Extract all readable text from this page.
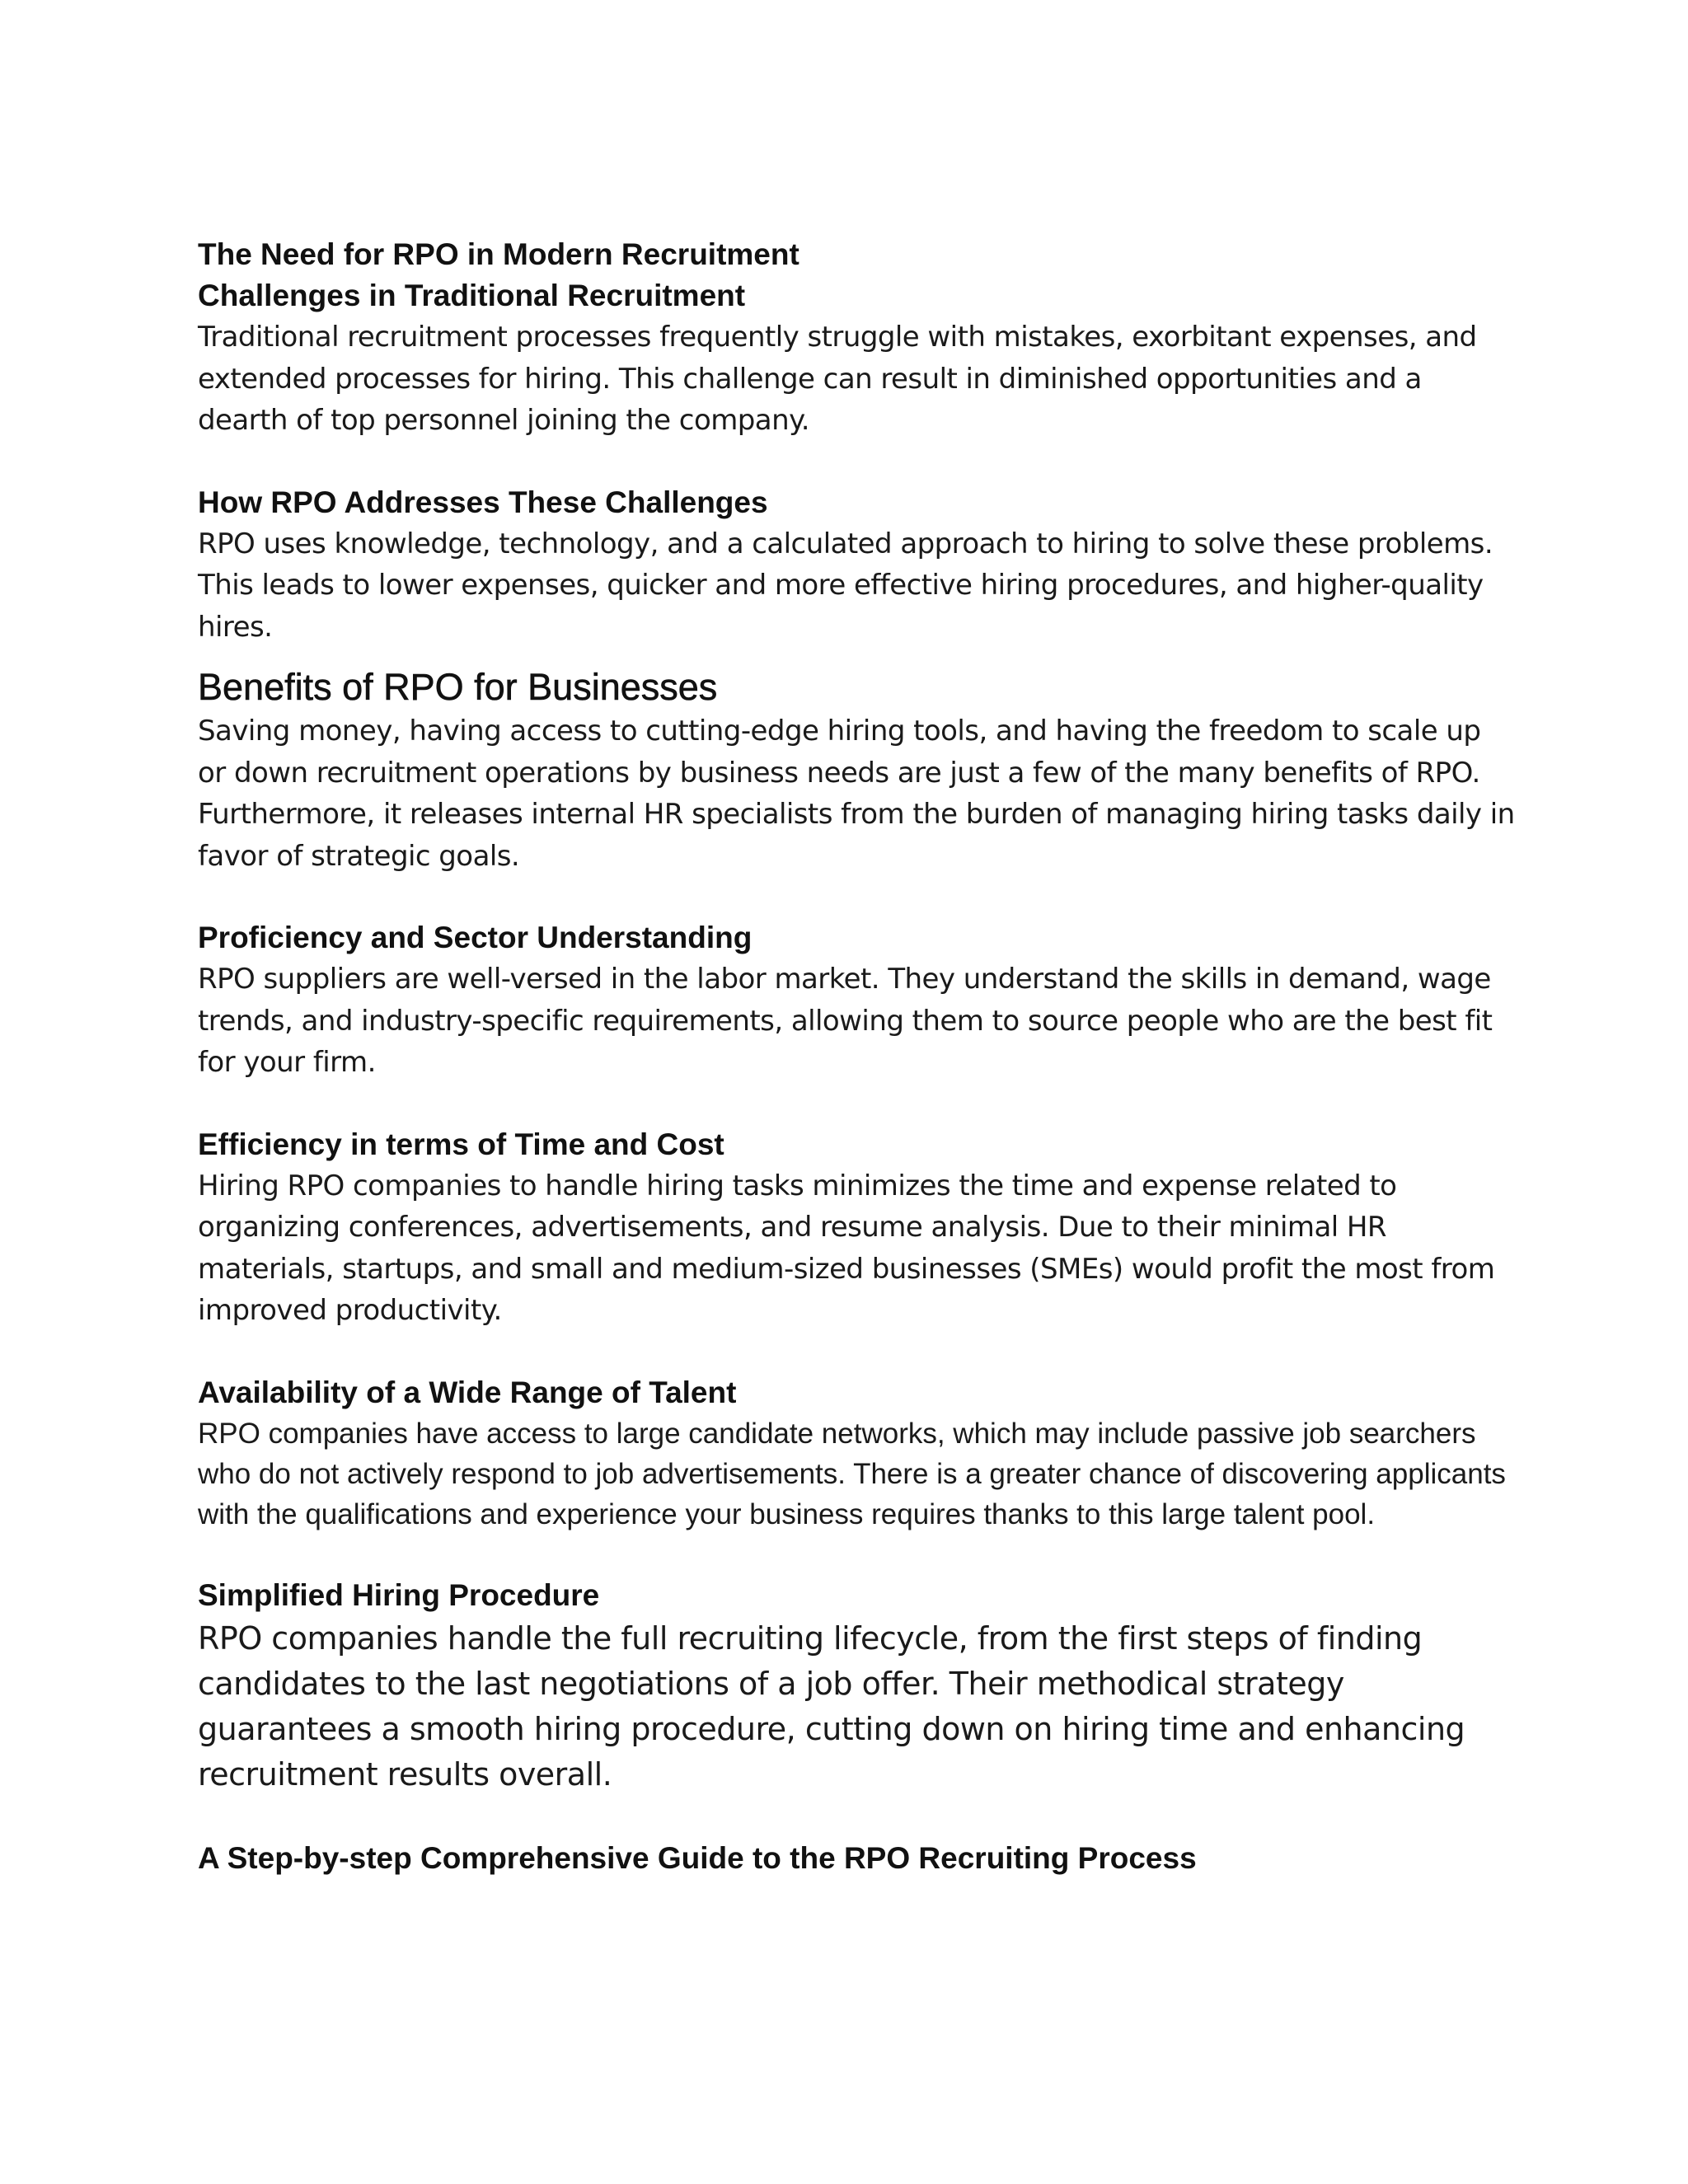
The Need for RPO in Modern Recruitment
Challenges in Traditional Recruitment

Traditional recruitment processes frequently struggle with mistakes, exorbitant expenses, and extended processes for hiring. This challenge can result in diminished opportunities and a dearth of top personnel joining the company.

How RPO Addresses These Challenges

RPO uses knowledge, technology, and a calculated approach to hiring to solve these problems. This leads to lower expenses, quicker and more effective hiring procedures, and higher-quality hires.

Benefits of RPO for Businesses

Saving money, having access to cutting-edge hiring tools, and having the freedom to scale up or down recruitment operations by business needs are just a few of the many benefits of RPO. Furthermore, it releases internal HR specialists from the burden of managing hiring tasks daily in favor of strategic goals.

Proficiency and Sector Understanding

RPO suppliers are well-versed in the labor market. They understand the skills in demand, wage trends, and industry-specific requirements, allowing them to source people who are the best fit for your firm.

Efficiency in terms of Time and Cost

Hiring RPO companies to handle hiring tasks minimizes the time and expense related to organizing conferences, advertisements, and resume analysis. Due to their minimal HR materials, startups, and small and medium-sized businesses (SMEs) would profit the most from improved productivity.

Availability of a Wide Range of Talent

RPO companies have access to large candidate networks, which may include passive job searchers who do not actively respond to job advertisements. There is a greater chance of discovering applicants with the qualifications and experience your business requires thanks to this large talent pool.

Simplified Hiring Procedure

RPO companies handle the full recruiting lifecycle, from the first steps of finding candidates to the last negotiations of a job offer. Their methodical strategy guarantees a smooth hiring procedure, cutting down on hiring time and enhancing recruitment results overall.

A Step-by-step Comprehensive Guide to the RPO Recruiting Process
